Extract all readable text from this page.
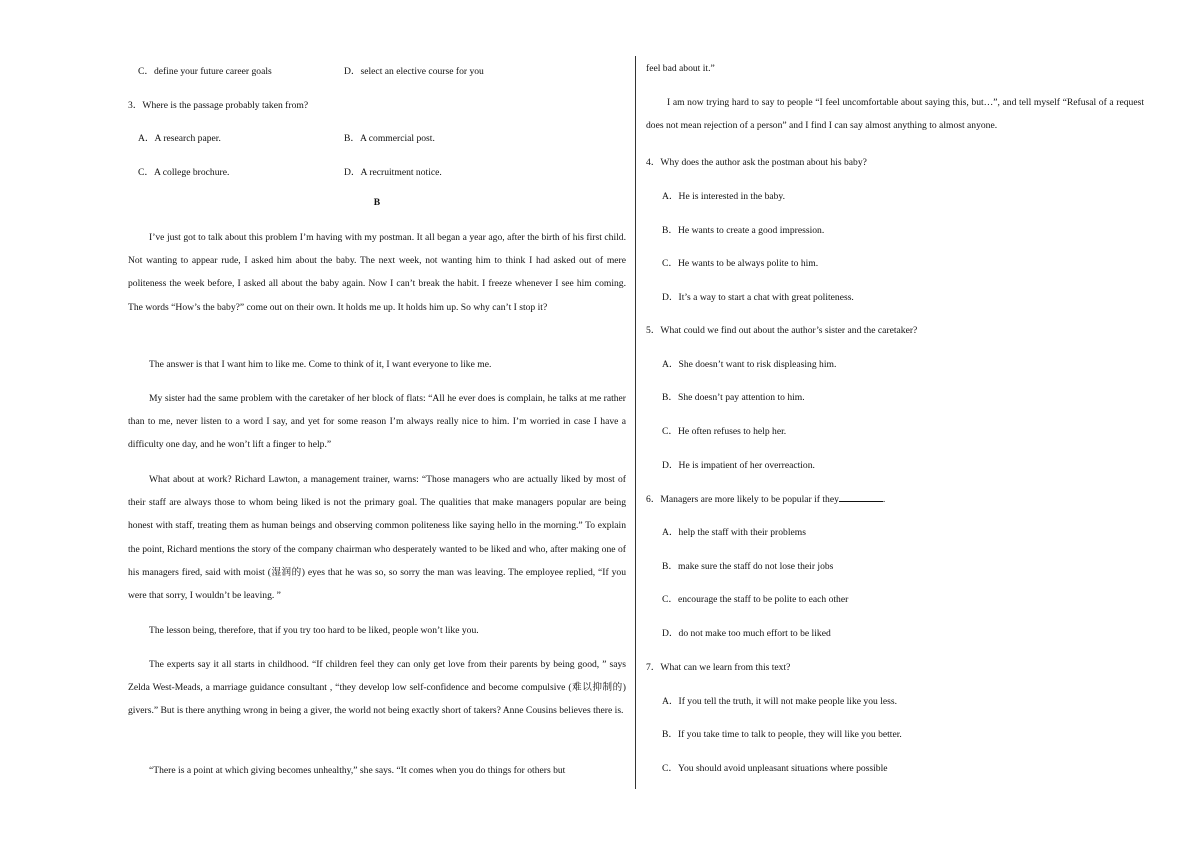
C．define your future career goals	D．select an elective course for you
3．Where is the passage probably taken from?
A．A research paper.	B．A commercial post.
C．A college brochure.	D．A recruitment notice.
B

I’ve just got to talk about this problem I’m having with my postman. It all began a year ago, after the birth of his first child. Not wanting to appear rude, I asked him about the baby. The next week, not wanting him to think I had asked out of mere politeness the week before, I asked all about the baby again. Now I can’t break the habit. I freeze whenever I see him coming. The words “How’s the baby?” come out on their own. It holds me up. It holds him up. So why can’t I stop it?

The answer is that I want him to like me. Come to think of it, I want everyone to like me.

My sister had the same problem with the caretaker of her block of flats: “All he ever does is complain, he talks at me rather than to me, never listen to a word I say, and yet for some reason I’m always really nice to him. I’m worried in case I have a difficulty one day, and he won’t lift a finger to help.”

What about at work? Richard Lawton, a management trainer, warns: “Those managers who are actually liked by most of their staff are always those to whom being liked is not the primary goal. The qualities that make managers popular are being honest with staff, treating them as human beings and observing common politeness like saying hello in the morning.” To explain the point, Richard mentions the story of the company chairman who desperately wanted to be liked and who, after making one of his managers fired, said with moist (湿润的) eyes that he was so, so sorry the man was leaving. The employee replied, “If you were that sorry, I wouldn’t be leaving. ”

The lesson being, therefore, that if you try too hard to be liked, people won’t like you.

The experts say it all starts in childhood. “If children feel they can only get love from their parents by being good, ” says Zelda West-Meads, a marriage guidance consultant , “they develop low self-confidence and become compulsive (难以抑制的) givers.” But is there anything wrong in being a giver, the world not being exactly short of takers? Anne Cousins believes there is.

“There is a point at which giving becomes unhealthy,” she says. “It comes when you do things for others but

feel bad about it.”

I am now trying hard to say to people “I feel uncomfortable about saying this, but…”, and tell myself “Refusal of a request does not mean rejection of a person” and I find I can say almost anything to almost anyone.

4．Why does the author ask the postman about his baby?
A．He is interested in the baby.
B．He wants to create a good impression.
C．He wants to be always polite to him.
D．It’s a way to start a chat with great politeness.
5．What could we find out about the author’s sister and the caretaker?
A．She doesn’t want to risk displeasing him.
B．She doesn’t pay attention to him.
C．He often refuses to help her.
D．He is impatient of her overreaction.
6．Managers are more likely to be popular if they	.
A．help the staff with their problems
B．make sure the staff do not lose their jobs
C．encourage the staff to be polite to each other
D．do not make too much effort to be liked
7．What can we learn from this text?
A．If you tell the truth, it will not make people like you less.
B．If you take time to talk to people, they will like you better.
C．You should avoid unpleasant situations where possible
